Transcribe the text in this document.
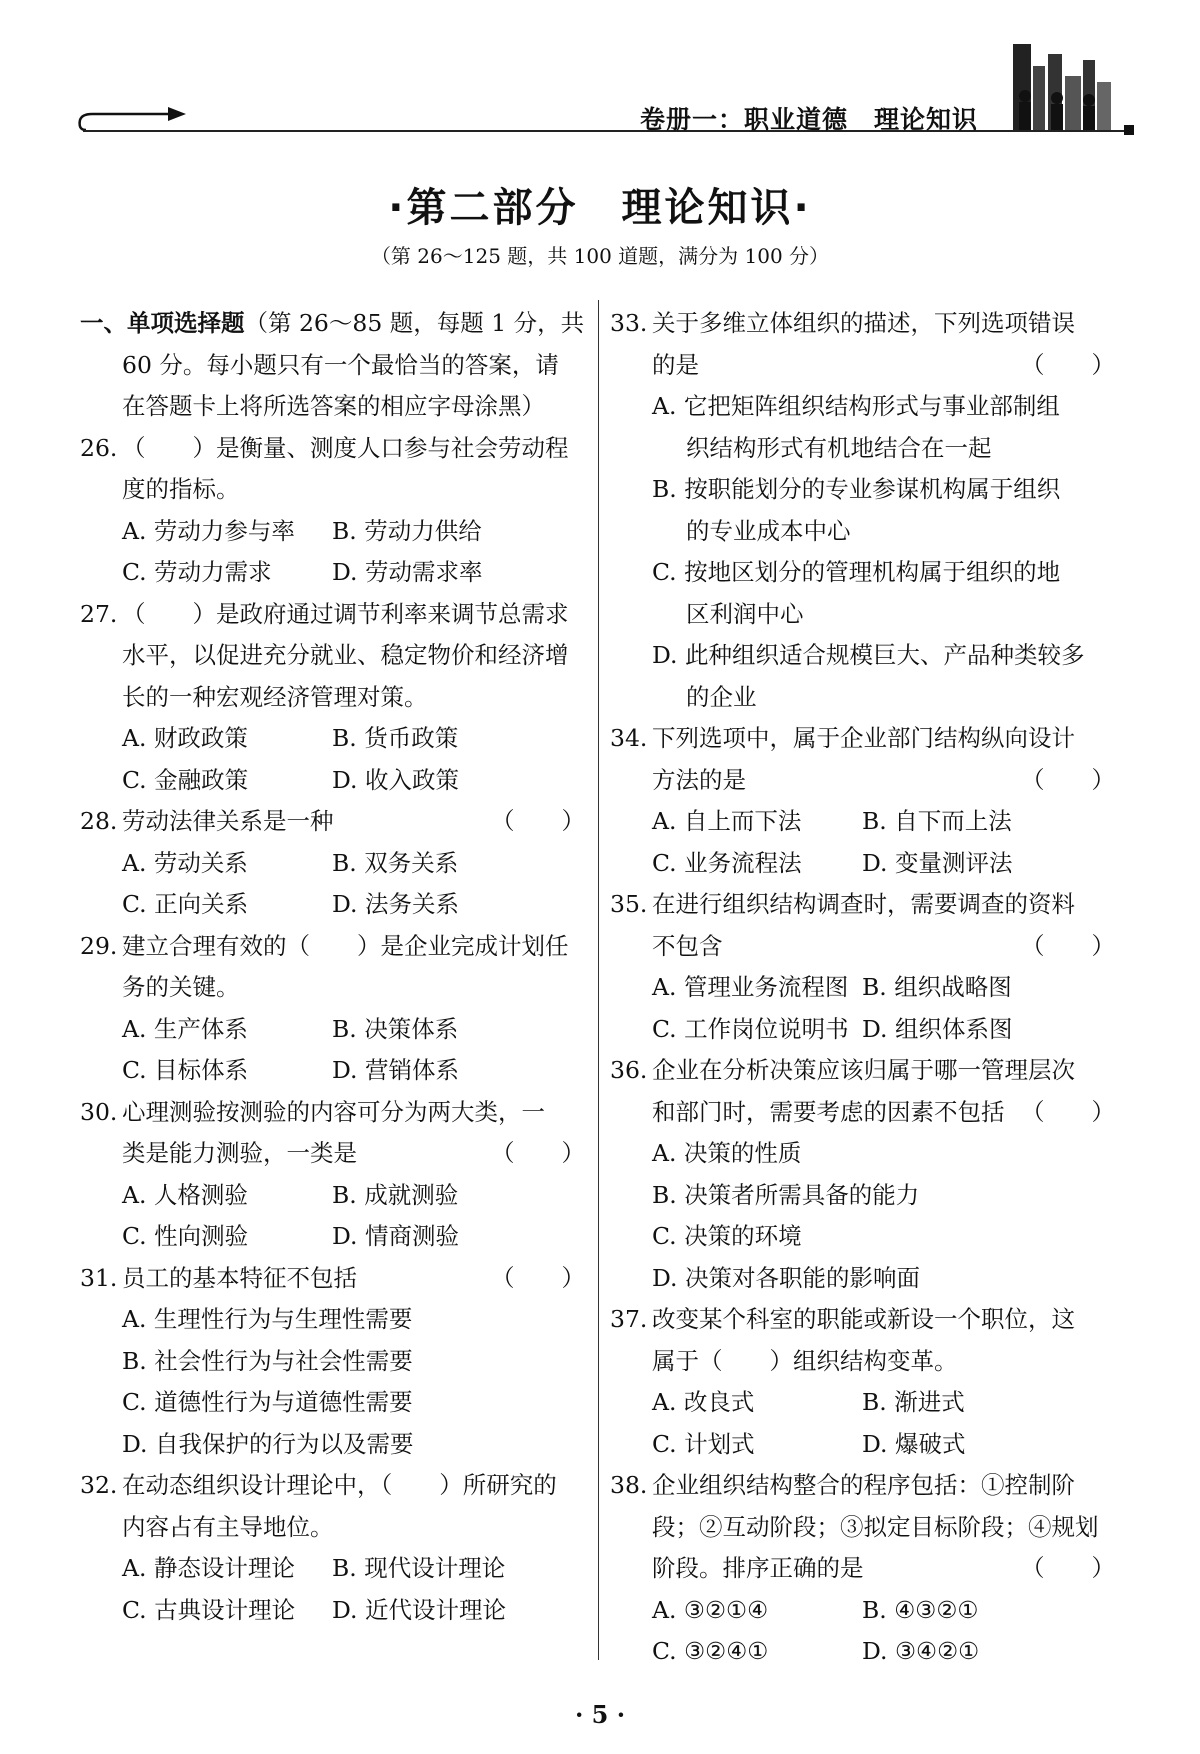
卷册一：职业道德　理论知识
·第二部分　理论知识·
（第 26～125 题，共 100 道题，满分为 100 分）
一、单项选择题（第 26～85 题，每题 1 分，共
60 分。每小题只有一个最恰当的答案，请
在答题卡上将所选答案的相应字母涂黑）
26. （　　）是衡量、测度人口参与社会劳动程
度的指标。
A. 劳动力参与率 B. 劳动力供给
C. 劳动力需求	D. 劳动需求率
27. （　　）是政府通过调节利率来调节总需求
水平，以促进充分就业、稳定物价和经济增
长的一种宏观经济管理对策。
A. 财政政策	B. 货币政策
C. 金融政策	D. 收入政策
28. 劳动法律关系是一种	（　　）
A. 劳动关系	B. 双务关系
C. 正向关系	D. 法务关系
29. 建立合理有效的（　　）是企业完成计划任
务的关键。
A. 生产体系	B. 决策体系
C. 目标体系	D. 营销体系
30. 心理测验按测验的内容可分为两大类，一
类是能力测验，一类是	（　　）
A. 人格测验	B. 成就测验
C. 性向测验	D. 情商测验
31. 员工的基本特征不包括	（　　）
A. 生理性行为与生理性需要
B. 社会性行为与社会性需要
C. 道德性行为与道德性需要
D. 自我保护的行为以及需要
32. 在动态组织设计理论中，（　　）所研究的
内容占有主导地位。
A. 静态设计理论 B. 现代设计理论
C. 古典设计理论 D. 近代设计理论
33. 关于多维立体组织的描述，下列选项错误
的是	（　　）
A. 它把矩阵组织结构形式与事业部制组
织结构形式有机地结合在一起
B. 按职能划分的专业参谋机构属于组织
的专业成本中心
C. 按地区划分的管理机构属于组织的地
区利润中心
D. 此种组织适合规模巨大、产品种类较多
的企业
34. 下列选项中，属于企业部门结构纵向设计
方法的是	（　　）
A. 自上而下法	B. 自下而上法
C. 业务流程法	D. 变量测评法
35. 在进行组织结构调查时，需要调查的资料
不包含	（　　）
A. 管理业务流程图 B. 组织战略图
C. 工作岗位说明书 D. 组织体系图
36. 企业在分析决策应该归属于哪一管理层次
和部门时，需要考虑的因素不包括 （　　）
A. 决策的性质
B. 决策者所需具备的能力
C. 决策的环境
D. 决策对各职能的影响面
37. 改变某个科室的职能或新设一个职位，这
属于（　　）组织结构变革。
A. 改良式	B. 渐进式
C. 计划式	D. 爆破式
38. 企业组织结构整合的程序包括：①控制阶
段；②互动阶段；③拟定目标阶段；④规划
阶段。排序正确的是	（　　）
A. ③②①④	B. ④③②①
C. ③②④①	D. ③④②①
· 5 ·
